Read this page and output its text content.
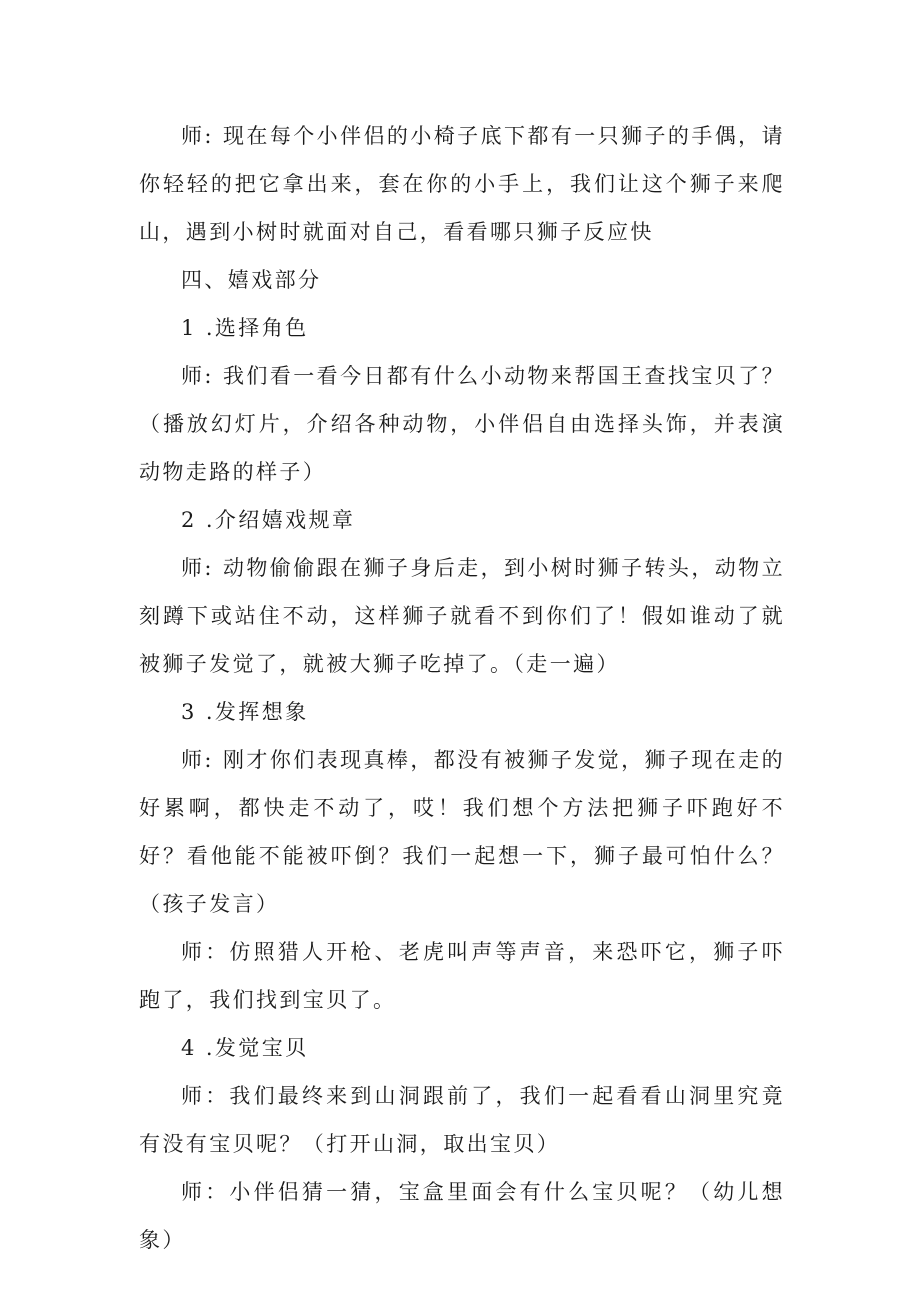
师: 现在每个小伴侣的小椅子底下都有一只狮子的手偶，请你轻轻的把它拿出来，套在你的小手上，我们让这个狮子来爬山，遇到小树时就面对自己，看看哪只狮子反应快

四、嬉戏部分

1 .选择角色

师: 我们看一看今日都有什么小动物来帮国王查找宝贝了？（播放幻灯片，介绍各种动物，小伴侣自由选择头饰，并表演动物走路的样子）

2 .介绍嬉戏规章

师: 动物偷偷跟在狮子身后走，到小树时狮子转头，动物立刻蹲下或站住不动，这样狮子就看不到你们了！假如谁动了就被狮子发觉了，就被大狮子吃掉了。（走一遍）

3 .发挥想象

师: 刚才你们表现真棒，都没有被狮子发觉，狮子现在走的好累啊，都快走不动了，哎！我们想个方法把狮子吓跑好不好？看他能不能被吓倒？我们一起想一下，狮子最可怕什么？（孩子发言）

师：仿照猎人开枪、老虎叫声等声音，来恐吓它，狮子吓跑了，我们找到宝贝了。

4 .发觉宝贝

师：我们最终来到山洞跟前了，我们一起看看山洞里究竟有没有宝贝呢？（打开山洞，取出宝贝）

师：小伴侣猜一猜，宝盒里面会有什么宝贝呢？（幼儿想象）
